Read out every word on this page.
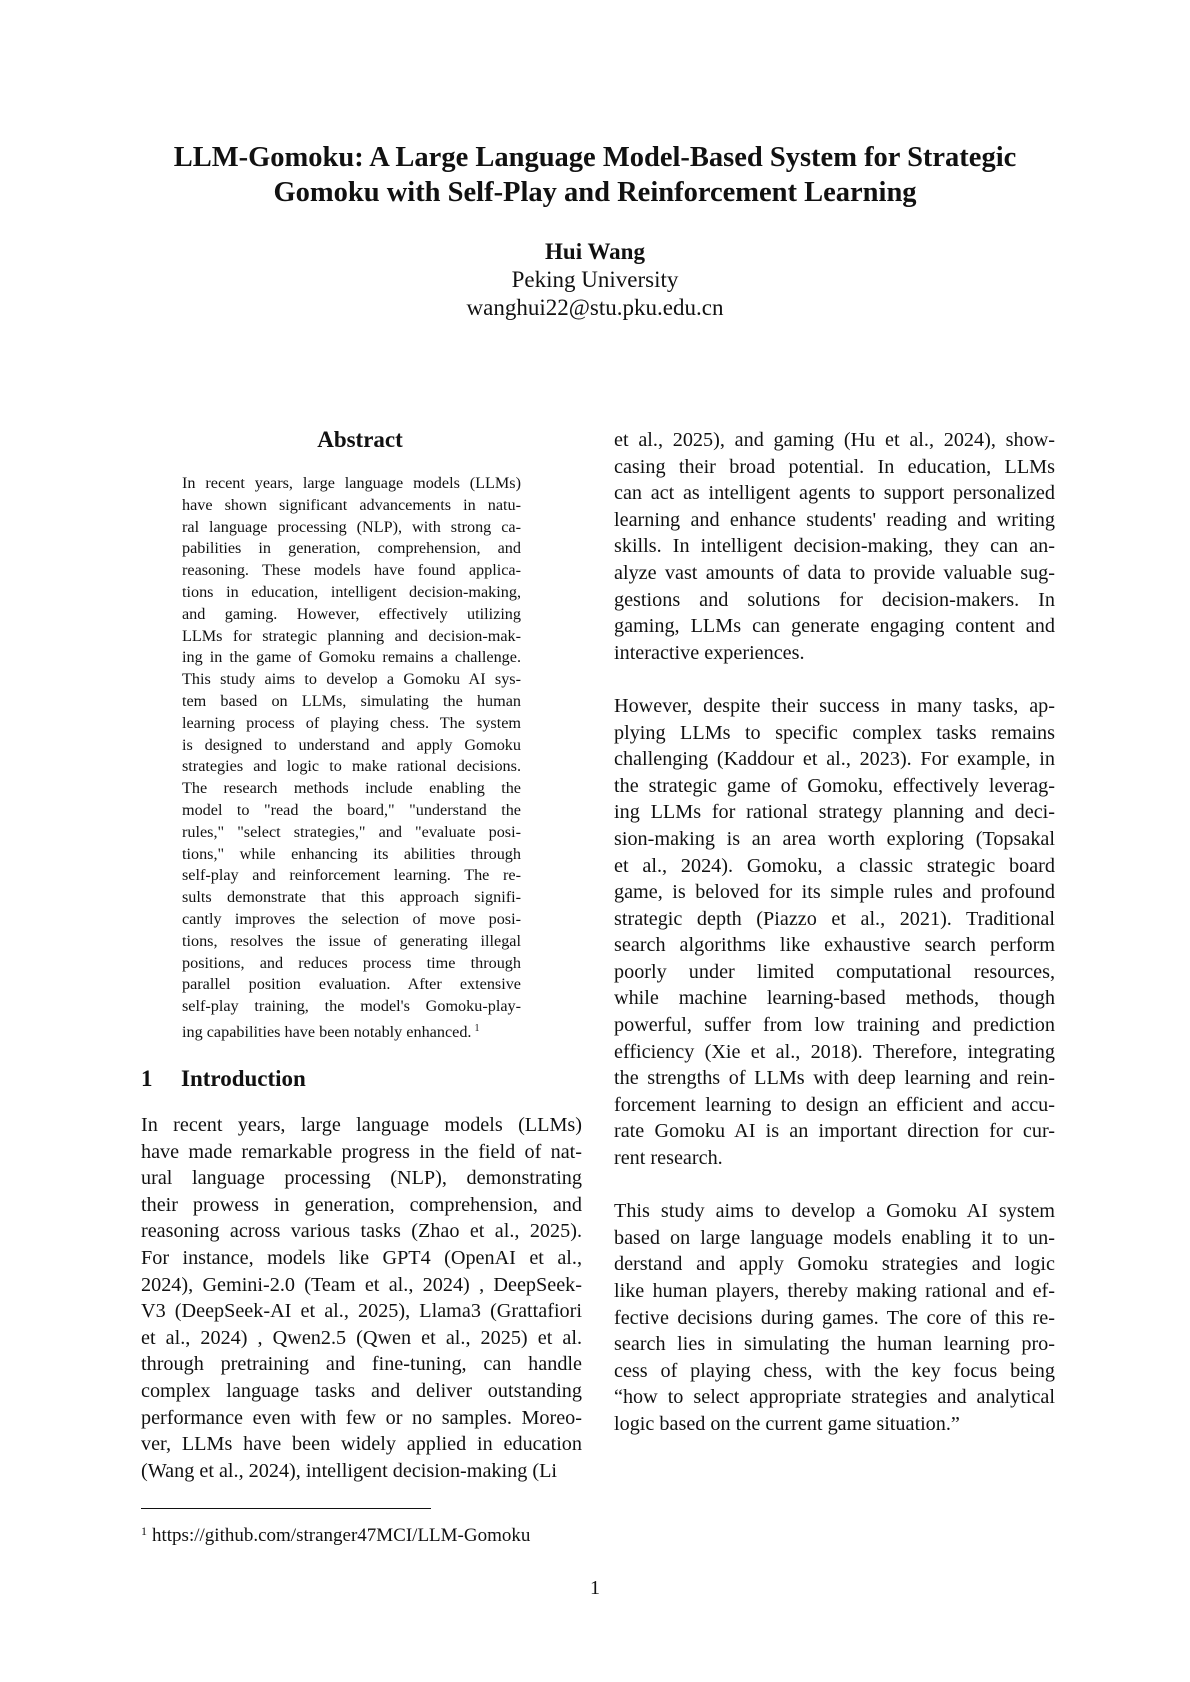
LLM-Gomoku: A Large Language Model-Based System for Strategic
Gomoku with Self-Play and Reinforcement Learning
Hui Wang
Peking University
wanghui22@stu.pku.edu.cn
Abstract
In recent years, large language models (LLMs)
have shown significant advancements in natu-
ral language processing (NLP), with strong ca-
pabilities in generation, comprehension, and
reasoning. These models have found applica-
tions in education, intelligent decision-making,
and gaming. However, effectively utilizing
LLMs for strategic planning and decision-mak-
ing in the game of Gomoku remains a challenge.
This study aims to develop a Gomoku AI sys-
tem based on LLMs, simulating the human
learning process of playing chess. The system
is designed to understand and apply Gomoku
strategies and logic to make rational decisions.
The research methods include enabling the
model to "read the board," "understand the
rules," "select strategies," and "evaluate posi-
tions," while enhancing its abilities through
self-play and reinforcement learning. The re-
sults demonstrate that this approach signifi-
cantly improves the selection of move posi-
tions, resolves the issue of generating illegal
positions, and reduces process time through
parallel position evaluation. After extensive
self-play training, the model's Gomoku-play-
ing capabilities have been notably enhanced. $^1$
1 Introduction
In recent years, large language models (LLMs)
have made remarkable progress in the field of nat-
ural language processing (NLP), demonstrating
their prowess in generation, comprehension, and
reasoning across various tasks (Zhao et al., 2025).
For instance, models like GPT4 (OpenAI et al.,
2024), Gemini-2.0 (Team et al., 2024) , DeepSeek-
V3 (DeepSeek-AI et al., 2025), Llama3 (Grattafiori
et al., 2024) , Qwen2.5 (Qwen et al., 2025) et al.
through pretraining and fine-tuning, can handle
complex language tasks and deliver outstanding
performance even with few or no samples. Moreo-
ver, LLMs have been widely applied in education
(Wang et al., 2024), intelligent decision-making (Li
et al., 2025), and gaming (Hu et al., 2024), show-
casing their broad potential. In education, LLMs
can act as intelligent agents to support personalized
learning and enhance students' reading and writing
skills. In intelligent decision-making, they can an-
alyze vast amounts of data to provide valuable sug-
gestions and solutions for decision-makers. In
gaming, LLMs can generate engaging content and
interactive experiences.
However, despite their success in many tasks, ap-
plying LLMs to specific complex tasks remains
challenging (Kaddour et al., 2023). For example, in
the strategic game of Gomoku, effectively leverag-
ing LLMs for rational strategy planning and deci-
sion-making is an area worth exploring (Topsakal
et al., 2024). Gomoku, a classic strategic board
game, is beloved for its simple rules and profound
strategic depth (Piazzo et al., 2021). Traditional
search algorithms like exhaustive search perform
poorly under limited computational resources,
while machine learning-based methods, though
powerful, suffer from low training and prediction
efficiency (Xie et al., 2018). Therefore, integrating
the strengths of LLMs with deep learning and rein-
forcement learning to design an efficient and accu-
rate Gomoku AI is an important direction for cur-
rent research.
This study aims to develop a Gomoku AI system
based on large language models enabling it to un-
derstand and apply Gomoku strategies and logic
like human players, thereby making rational and ef-
fective decisions during games. The core of this re-
search lies in simulating the human learning pro-
cess of playing chess, with the key focus being
“how to select appropriate strategies and analytical
logic based on the current game situation.”
$^1$ https://github.com/stranger47MCI/LLM-Gomoku
1
